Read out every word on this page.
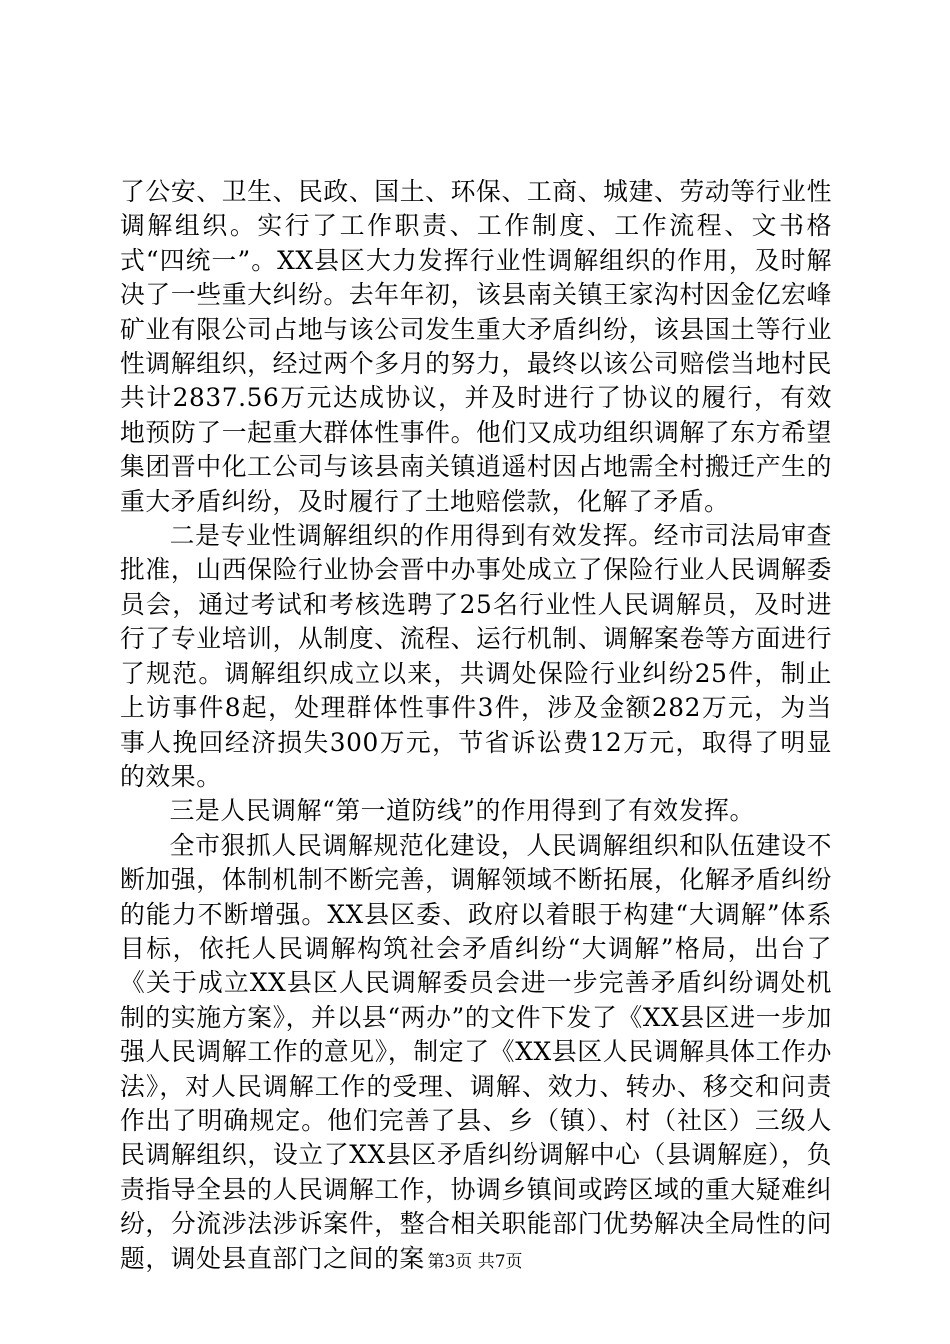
了公安、卫生、民政、国土、环保、工商、城建、劳动等行业性调解组织。实行了工作职责、工作制度、工作流程、文书格式“四统一”。XX县区大力发挥行业性调解组织的作用，及时解决了一些重大纠纷。去年年初，该县南关镇王家沟村因金亿宏峰矿业有限公司占地与该公司发生重大矛盾纠纷，该县国土等行业性调解组织，经过两个多月的努力，最终以该公司赔偿当地村民共计2837.56万元达成协议，并及时进行了协议的履行，有效地预防了一起重大群体性事件。他们又成功组织调解了东方希望集团晋中化工公司与该县南关镇逍遥村因占地需全村搬迁产生的重大矛盾纠纷，及时履行了土地赔偿款，化解了矛盾。

二是专业性调解组织的作用得到有效发挥。经市司法局审查批准，山西保险行业协会晋中办事处成立了保险行业人民调解委员会，通过考试和考核选聘了25名行业性人民调解员，及时进行了专业培训，从制度、流程、运行机制、调解案卷等方面进行了规范。调解组织成立以来，共调处保险行业纠纷25件，制止上访事件8起，处理群体性事件3件，涉及金额282万元，为当事人挽回经济损失300万元，节省诉讼费12万元，取得了明显的效果。

三是人民调解“第一道防线”的作用得到了有效发挥。

全市狠抓人民调解规范化建设，人民调解组织和队伍建设不断加强，体制机制不断完善，调解领域不断拓展，化解矛盾纠纷的能力不断增强。XX县区委、政府以着眼于构建“大调解”体系目标，依托人民调解构筑社会矛盾纠纷“大调解”格局，出台了《关于成立XX县区人民调解委员会进一步完善矛盾纠纷调处机制的实施方案》，并以县“两办”的文件下发了《XX县区进一步加强人民调解工作的意见》，制定了《XX县区人民调解具体工作办法》，对人民调解工作的受理、调解、效力、转办、移交和问责作出了明确规定。他们完善了县、乡（镇）、村（社区）三级人民调解组织，设立了XX县区矛盾纠纷调解中心（县调解庭），负责指导全县的人民调解工作，协调乡镇间或跨区域的重大疑难纠纷，分流涉法涉诉案件，整合相关职能部门优势解决全局性的问题，调处县直部门之间的案 第3页 共7页
